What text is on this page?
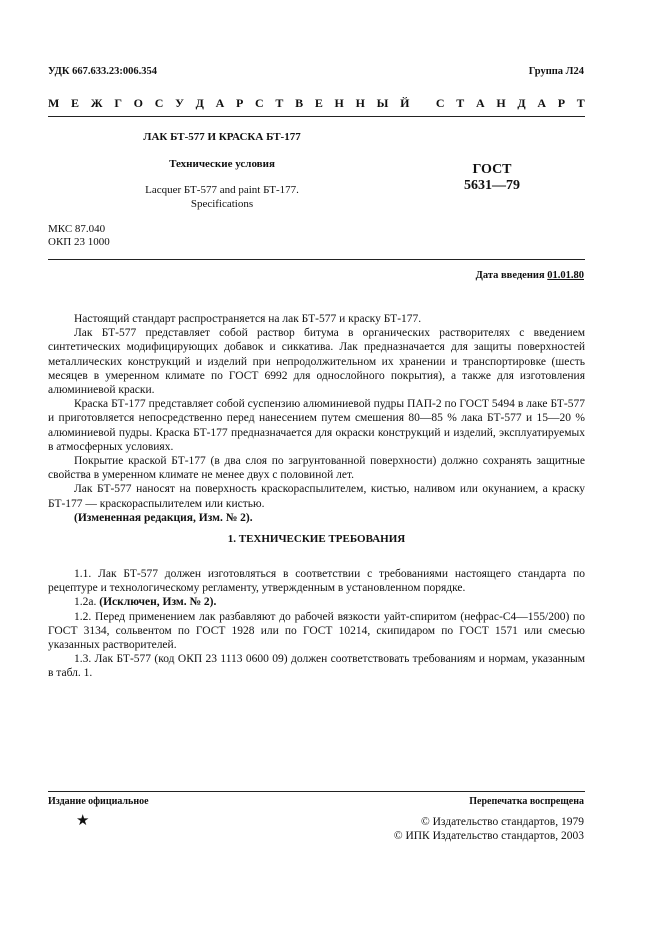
УДК 667.633.23:006.354	Группа Л24
М Е Ж Г О С У Д А Р С Т В Е Н Н Ы Й
С Т А Н Д А Р Т
ЛАК БТ-577 И КРАСКА БТ-177
Технические условия
Lacquer БТ-577 and paint БТ-177.
Specifications
ГОСТ
5631—79
МКС 87.040
ОКП 23 1000
Дата введения 01.01.80

Настоящий стандарт распространяется на лак БТ-577 и краску БТ-177.

Лак БТ-577 представляет собой раствор битума в органических растворителях с введением синтетических модифицирующих добавок и сиккатива. Лак предназначается для защиты поверхностей металлических конструкций и изделий при непродолжительном их хранении и транспортировке (шесть месяцев в умеренном климате по ГОСТ 6992 для однослойного покрытия), а также для изготовления алюминиевой краски.

Краска БТ-177 представляет собой суспензию алюминиевой пудры ПАП-2 по ГОСТ 5494 в лаке БТ-577 и приготовляется непосредственно перед нанесением путем смешения 80—85 % лака БТ-577 и 15—20 % алюминиевой пудры. Краска БТ-177 предназначается для окраски конструкций и изделий, эксплуатируемых в атмосферных условиях.

Покрытие краской БТ-177 (в два слоя по загрунтованной поверхности) должно сохранять защитные свойства в умеренном климате не менее двух с половиной лет.

Лак БТ-577 наносят на поверхность краскораспылителем, кистью, наливом или окунанием, а краску БТ-177 — краскораспылителем или кистью.

(Измененная редакция, Изм. № 2).

1. ТЕХНИЧЕСКИЕ ТРЕБОВАНИЯ

1.1. Лак БТ-577 должен изготовляться в соответствии с требованиями настоящего стандарта по рецептуре и технологическому регламенту, утвержденным в установленном порядке.

1.2а. (Исключен, Изм. № 2).

1.2. Перед применением лак разбавляют до рабочей вязкости уайт-спиритом (нефрас-С4—155/200) по ГОСТ 3134, сольвентом по ГОСТ 1928 или по ГОСТ 10214, скипидаром по ГОСТ 1571 или смесью указанных растворителей.

1.3. Лак БТ-577 (код ОКП 23 1113 0600 09) должен соответствовать требованиям и нормам, указанным в табл. 1.

Издание официальное	Перепечатка воспрещена
★	© Издательство стандартов, 1979
© ИПК Издательство стандартов, 2003
